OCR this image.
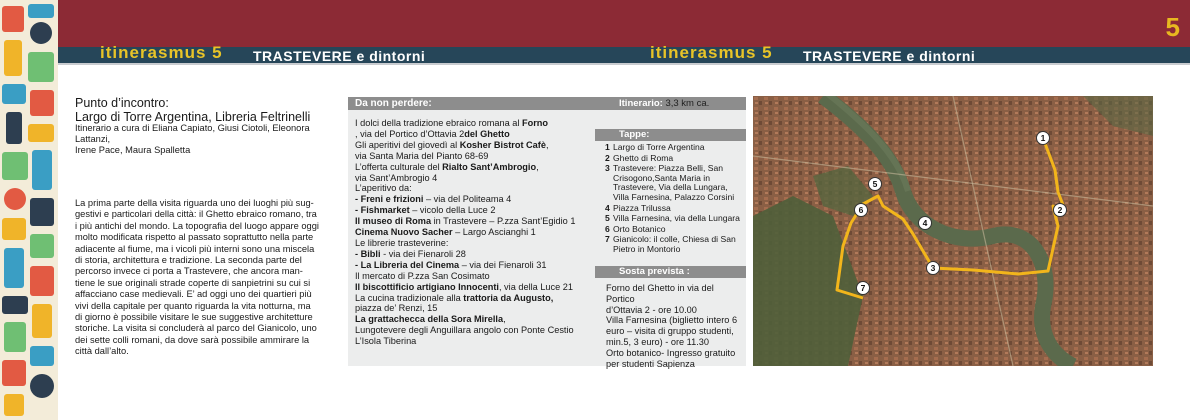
itinerasmus 5 TRASTEVERE e dintorni	itinerasmus 5 TRASTEVERE e dintorni
5
Punto d’incontro:
Largo di Torre Argentina, Libreria Feltrinelli
Itinerario a cura di Eliana Capiato, Giusi Ciotoli, Eleonora Lattanzi,
Irene Pace, Maura Spalletta
La prima parte della visita riguarda uno dei luoghi più sug-
gestivi e particolari della città: il Ghetto ebraico romano, tra
i più antichi del mondo. La topografia del luogo appare oggi
molto modificata rispetto al passato soprattutto nella parte
adiacente al fiume, ma i vicoli più interni sono una miscela
di storia, architettura e tradizione. La seconda parte del
percorso invece ci porta a Trastevere, che ancora man-
tiene le sue originali strade coperte di sanpietrini su cui si
affacciano case medievali. E’ ad oggi uno dei quartieri più
vivi della capitale per quanto riguarda la vita notturna, ma
di giorno è possibile visitare le sue suggestive architetture
storiche. La visita si concluderà al parco del Gianicolo, uno
dei sette colli romani, da dove sarà possibile ammirare la
città dall’alto.
Da non perdere:	Itinerario: 3,3 km ca.
I dolci della tradizione ebraico romana al Forno
, via del Portico d’Ottavia 2del Ghetto
Gli aperitivi del giovedì al Kosher Bistrot Cafè,
via Santa Maria del Pianto 68-69
L’offerta culturale del Rialto Sant’Ambrogio,
via Sant’Ambrogio 4
L’aperitivo da:
- Freni e frizioni – via del Politeama 4
- Fishmarket – vicolo della Luce 2
Il museo di Roma in Trastevere – P.zza Sant’Egidio 1
Cinema Nuovo Sacher – Largo Ascianghi 1
Le librerie trasteverine:
- Bibli - via dei Fienaroli 28
- La Libreria del Cinema – via dei Fienaroli 31
Il mercato di P.zza San Cosimato
Il biscottificio artigiano Innocenti, via della Luce 21
La cucina tradizionale alla trattoria da Augusto,
piazza de’ Renzi, 15
La grattachecca della Sora Mirella,
Lungotevere degli Anguillara angolo con Ponte Cestio
L’Isola Tiberina
Tappe:
1 Largo di Torre Argentina
2 Ghetto di Roma
3 Trastevere: Piazza Belli, San Crisogono,Santa Maria in Trastevere, Via della Lungara, Villa Farnesina, Palazzo Corsini
4 Piazza Trilussa
5 Villa Farnesina, via della Lungara
6 Orto Botanico
7 Gianicolo: il colle, Chiesa di San Pietro in Montorio
Sosta prevista :
Forno del Ghetto in via del Portico
d’Ottavia 2 - ore 10.00
Villa Farnesina (biglietto intero 6
euro – visita di gruppo studenti,
min.5, 3 euro) - ore 11.30
Orto botanico- Ingresso gratuito
per studenti Sapienza
1
2
3
4
5
6
7
